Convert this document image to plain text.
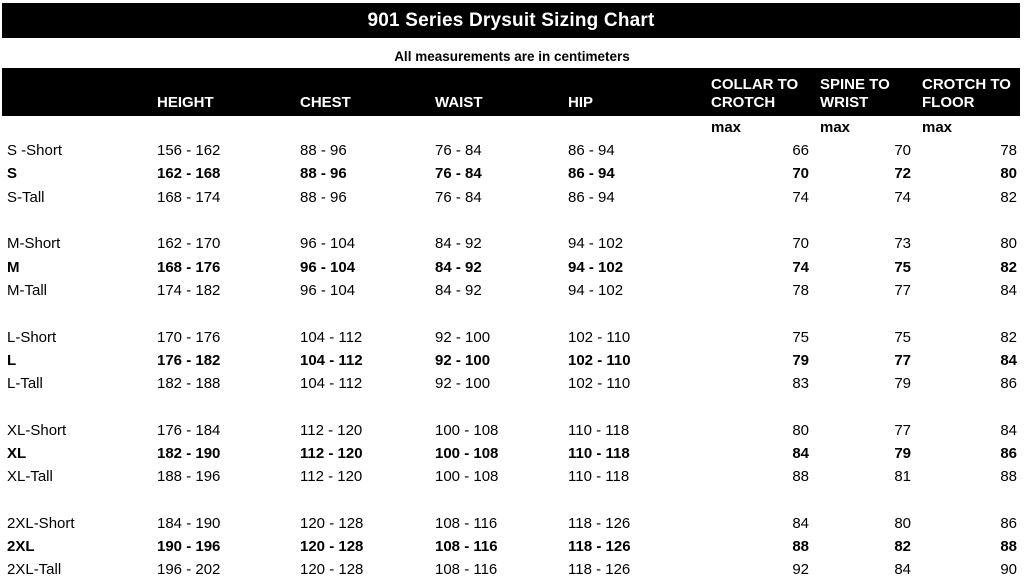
901 Series Drysuit Sizing Chart
All measurements are in centimeters
	HEIGHT	CHEST	WAIST	HIP	COLLAR TO CROTCH	SPINE TO WRIST	CROTCH TO FLOOR
					max	max	max
S -Short	156 - 162	88 - 96	76 - 84	86 - 94	66	70	78
S	162 - 168	88 - 96	76 - 84	86 - 94	70	72	80
S-Tall	168 - 174	88 - 96	76 - 84	86 - 94	74	74	82

M-Short	162 - 170	96 - 104	84 - 92	94 - 102	70	73	80
M	168 - 176	96 - 104	84 - 92	94 - 102	74	75	82
M-Tall	174 - 182	96 - 104	84 - 92	94 - 102	78	77	84

L-Short	170 - 176	104 - 112	92 - 100	102 - 110	75	75	82
L	176 - 182	104 - 112	92 - 100	102 - 110	79	77	84
L-Tall	182 - 188	104 - 112	92 - 100	102 - 110	83	79	86

XL-Short	176 - 184	112 - 120	100 - 108	110 - 118	80	77	84
XL	182 - 190	112 - 120	100 - 108	110 - 118	84	79	86
XL-Tall	188 - 196	112 - 120	100 - 108	110 - 118	88	81	88

2XL-Short	184 - 190	120 - 128	108 - 116	118 - 126	84	80	86
2XL	190 - 196	120 - 128	108 - 116	118 - 126	88	82	88
2XL-Tall	196 - 202	120 - 128	108 - 116	118 - 126	92	84	90
